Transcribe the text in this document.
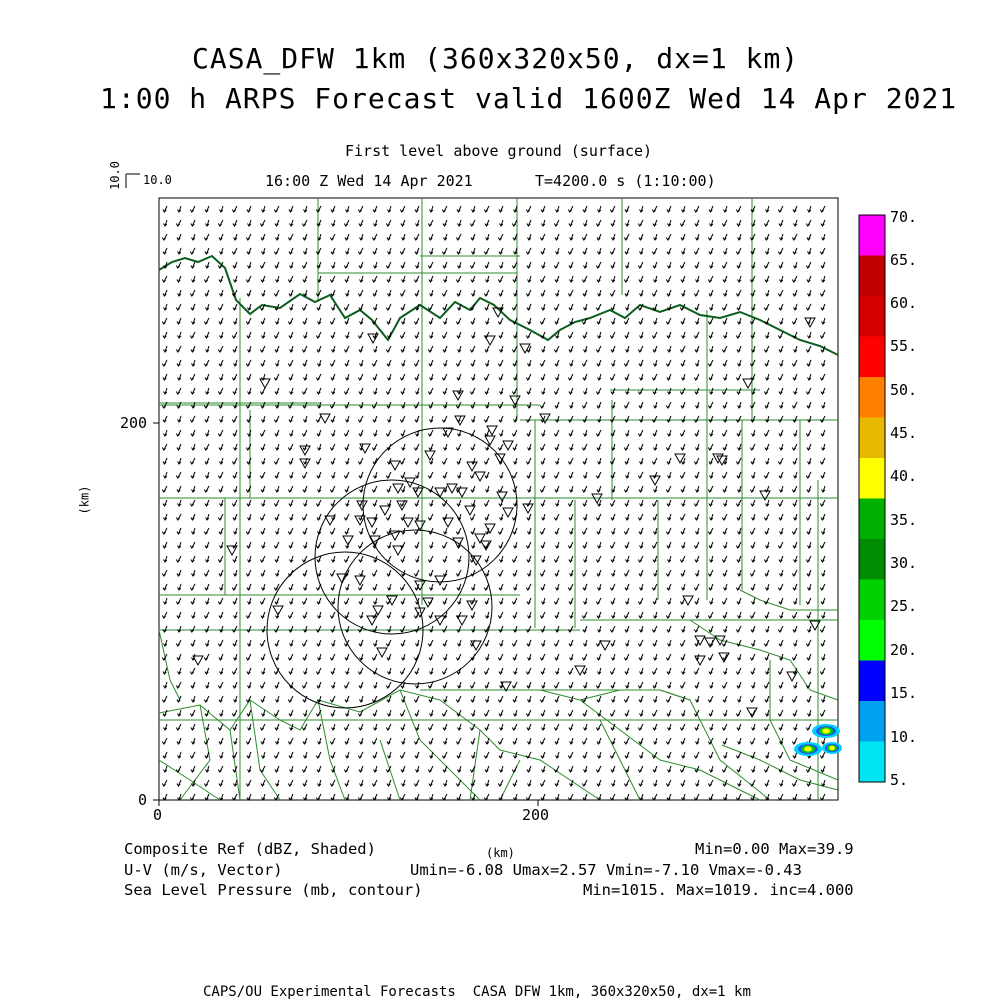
CASA_DFW 1km (360x320x50, dx=1 km)
1:00 h ARPS Forecast valid 1600Z Wed 14 Apr 2021
First level above ground (surface)
16:00 Z Wed 14 Apr 2021	T=4200.0 s (1:10:00)
10.0 10.0
200
0
0	200
(km)
(km)
70.
65.
60.
55.
50.
45.
40.
35.
30.
25.
20.
15.
10.
5.
Composite Ref (dBZ, Shaded)
U-V (m/s, Vector)
Sea Level Pressure (mb, contour)
Min=0.00 Max=39.9
Umin=-6.08 Umax=2.57 Vmin=-7.10 Vmax=-0.43
Min=1015. Max=1019. inc=4.000
CAPS/OU Experimental Forecasts  CASA DFW 1km, 360x320x50, dx=1 km
